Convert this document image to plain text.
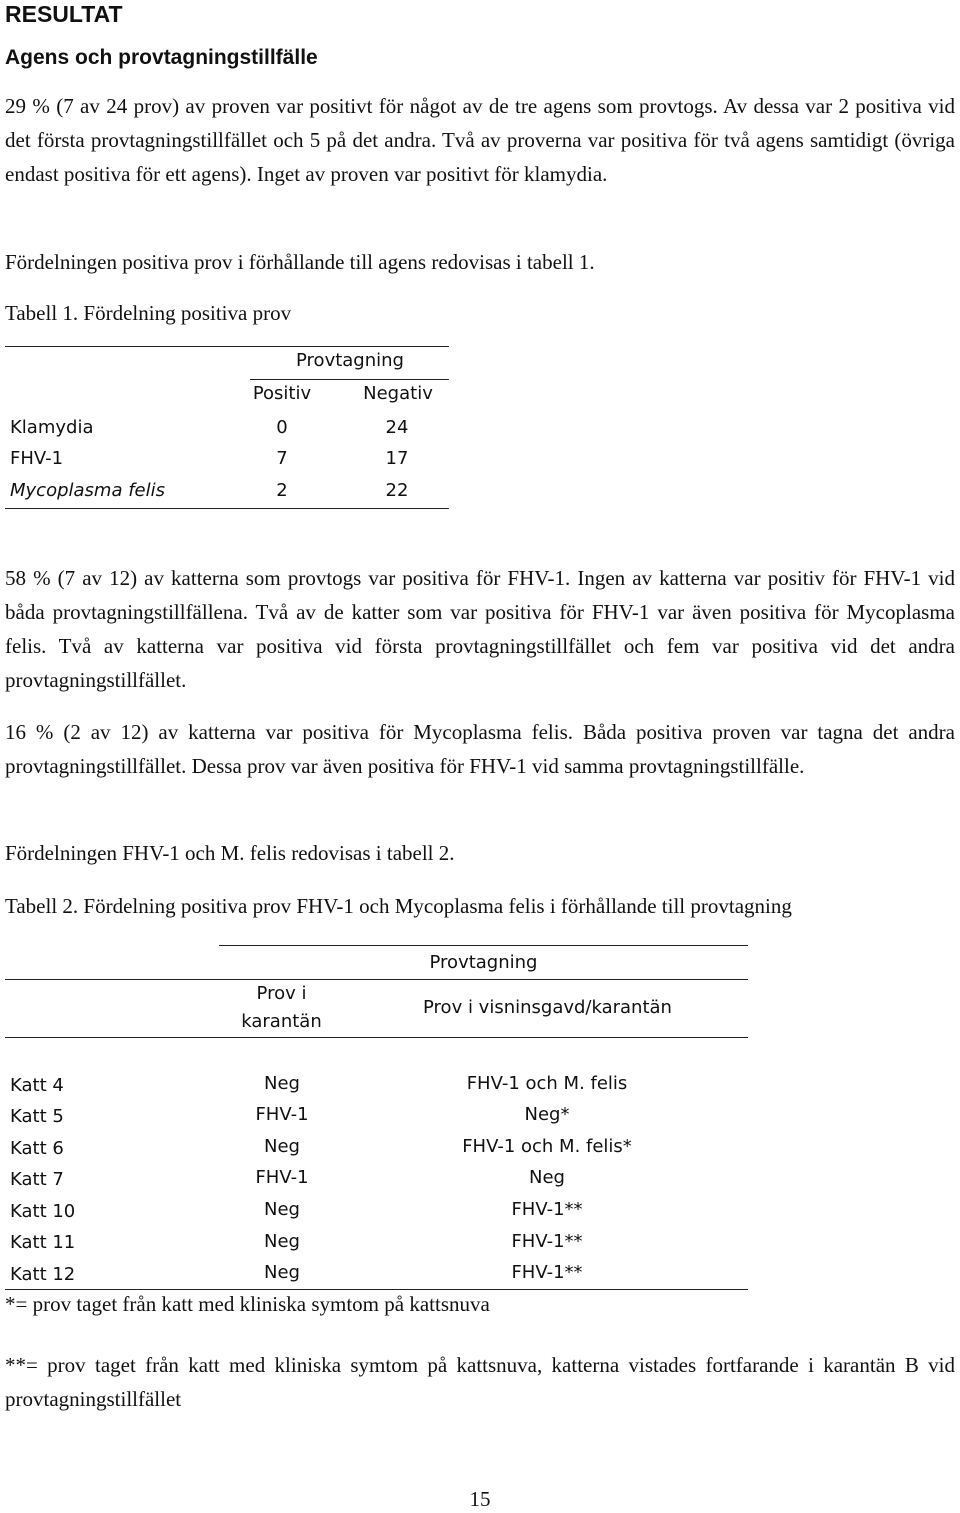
RESULTAT
Agens och provtagningstillfälle

29 % (7 av 24 prov) av proven var positivt för något av de tre agens som provtogs. Av dessa var 2 positiva vid det första provtagningstillfället och 5 på det andra. Två av proverna var positiva för två agens samtidigt (övriga endast positiva för ett agens). Inget av proven var positivt för klamydia.

Fördelningen positiva prov i förhållande till agens redovisas i tabell 1.

Tabell 1. Fördelning positiva prov
Provtagning
Positiv	Negativ
Klamydia	0	24
FHV-1	7	17
Mycoplasma felis	2	22

58 % (7 av 12) av katterna som provtogs var positiva för FHV-1. Ingen av katterna var positiv för FHV-1 vid båda provtagningstillfällena. Två av de katter som var positiva för FHV-1 var även positiva för Mycoplasma felis. Två av katterna var positiva vid första provtagningstillfället och fem var positiva vid det andra provtagningstillfället.

16 % (2 av 12) av katterna var positiva för Mycoplasma felis. Båda positiva proven var tagna det andra provtagningstillfället. Dessa prov var även positiva för FHV-1 vid samma provtagningstillfälle.

Fördelningen FHV-1 och M. felis redovisas i tabell 2.

Tabell 2. Fördelning positiva prov FHV-1 och Mycoplasma felis i förhållande till provtagning
Provtagning
Prov i
karantän
Prov i visninsgavd/karantän
Katt 4	Neg	FHV-1 och M. felis
Katt 5	FHV-1	Neg*
Katt 6	Neg	FHV-1 och M. felis*
Katt 7	FHV-1	Neg
Katt 10	Neg	FHV-1**
Katt 11	Neg	FHV-1**
Katt 12	Neg	FHV-1**
*= prov taget från katt med kliniska symtom på kattsnuva

**= prov taget från katt med kliniska symtom på kattsnuva, katterna vistades fortfarande i karantän B vid provtagningstillfället

15
